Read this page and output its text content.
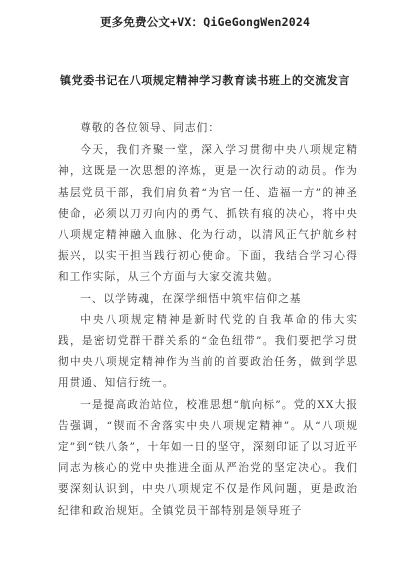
更多免费公文+VX：QiGeGongWen2024
镇党委书记在八项规定精神学习教育读书班上的交流发言

尊敬的各位领导、同志们：

今天，我们齐聚一堂，深入学习贯彻中央八项规定精神，这既是一次思想的淬炼，更是一次行动的动员。作为基层党员干部，我们肩负着“为官一任、造福一方”的神圣使命，必须以刀刃向内的勇气、抓铁有痕的决心，将中央八项规定精神融入血脉、化为行动，以清风正气护航乡村振兴，以实干担当践行初心使命。下面，我结合学习心得和工作实际，从三个方面与大家交流共勉。

一、以学铸魂，在深学细悟中筑牢信仰之基

中央八项规定精神是新时代党的自我革命的伟大实践，是密切党群干群关系的“金色纽带”。我们要把学习贯彻中央八项规定精神作为当前的首要政治任务，做到学思用贯通、知信行统一。

一是提高政治站位，校准思想“航向标”。党的XX大报告强调，“锲而不舍落实中央八项规定精神”。从“八项规定”到“铁八条”，十年如一日的坚守，深刻印证了以习近平同志为核心的党中央推进全面从严治党的坚定决心。我们要深刻认识到，中央八项规定不仅是作风问题，更是政治纪律和政治规矩。全镇党员干部特别是领导班子
